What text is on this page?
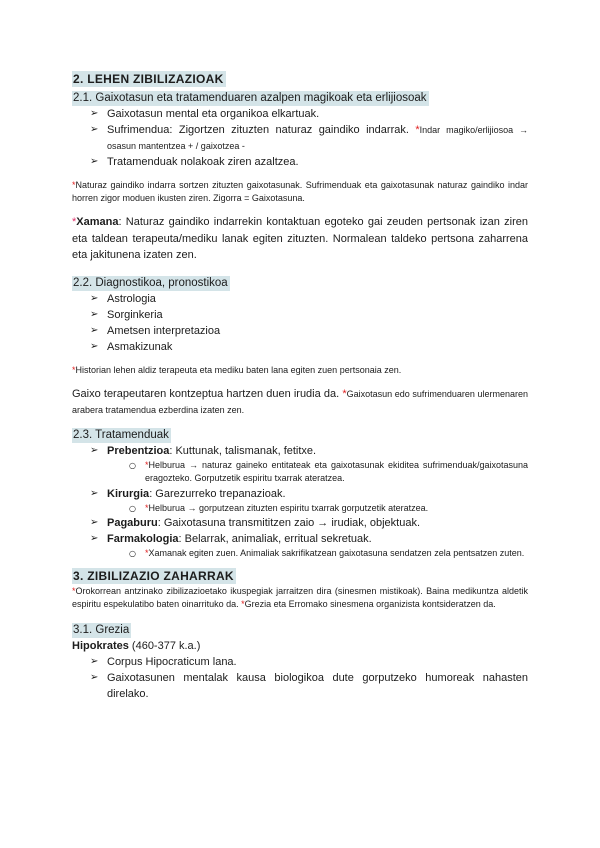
2. LEHEN ZIBILIZAZIOAK
2.1. Gaixotasun eta tratamenduaren azalpen magikoak eta erlijiosoak
➢ Gaixotasun mental eta organikoa elkartuak.
➢ Sufrimendua: Zigortzen zituzten naturaz gaindiko indarrak. *Indar magiko/erlijiosoa → osasun mantentzea + / gaixotzea -
➢ Tratamenduak nolakoak ziren azaltzea.
*Naturaz gaindiko indarra sortzen zituzten gaixotasunak. Sufrimenduak eta gaixotasunak naturaz gaindiko indar horren zigor moduen ikusten ziren. Zigorra = Gaixotasuna.
*Xamana: Naturaz gaindiko indarrekin kontaktuan egoteko gai zeuden pertsonak izan ziren eta taldean terapeuta/mediku lanak egiten zituzten. Normalean taldeko pertsona zaharrena eta jakitunena izaten zen.
2.2. Diagnostikoa, pronostikoa
➢ Astrologia
➢ Sorginkeria
➢ Ametsen interpretazioa
➢ Asmakizunak
*Historian lehen aldiz terapeuta eta mediku baten lana egiten zuen pertsonaia zen.
Gaixo terapeutaren kontzeptua hartzen duen irudia da. *Gaixotasun edo sufrimenduaren ulermenaren arabera tratamendua ezberdina izaten zen.
2.3. Tratamenduak
➢ Prebentzioa: Kuttunak, talismanak, fetitxe.
○ *Helburua → naturaz gaineko entitateak eta gaixotasunak ekiditea sufrimenduak/gaixotasuna eragozteko. Gorputzetik espiritu txarrak ateratzea.
➢ Kirurgia: Garezurreko trepanazioak.
○ *Helburua → gorputzean zituzten espiritu txarrak gorputzetik ateratzea.
➢ Pagaburu: Gaixotasuna transmititzen zaio → irudiak, objektuak.
➢ Farmakologia: Belarrak, animaliak, erritual sekretuak.
○ *Xamanak egiten zuen. Animaliak sakrifikatzean gaixotasuna sendatzen zela pentsatzen zuten.
3. ZIBILIZAZIO ZAHARRAK
*Orokorrean antzinako zibilizazioetako ikuspegiak jarraitzen dira (sinesmen mistikoak). Baina medikuntza aldetik espiritu espekulatibo baten oinarrituko da. *Grezia eta Erromako sinesmena organizista kontsideratzen da.
3.1. Grezia
Hipokrates (460-377 k.a.)
➢ Corpus Hipocraticum lana.
➢ Gaixotasunen mentalak kausa biologikoa dute gorputzeko humoreak nahasten direlako.
